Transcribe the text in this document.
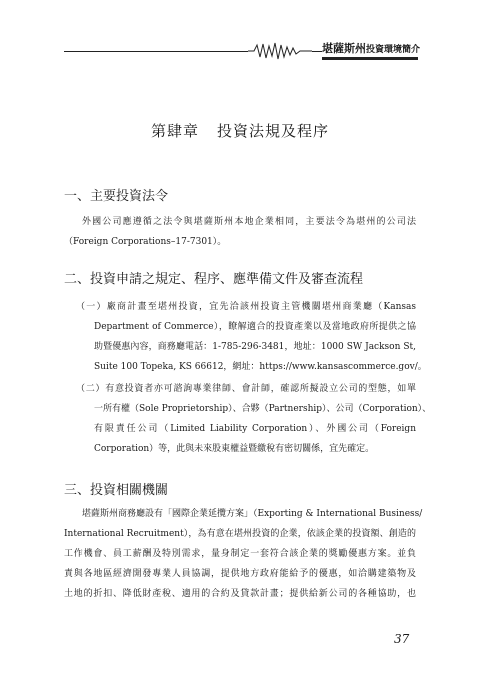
堪薩斯州投資環境簡介
第肆章 投資法規及程序
一、主要投資法令
外國公司應遵循之法令與堪薩斯州本地企業相同，主要法令為堪州的公司法
（Foreign Corporations–17-7301）。
二、投資申請之規定、程序、應準備文件及審查流程
（一）廠商計畫至堪州投資，宜先洽該州投資主管機關堪州商業廳（Kansas
Department of Commerce），瞭解適合的投資產業以及當地政府所提供之協
助暨優惠內容，商務廳電話：1-785-296-3481，地址：1000 SW Jackson St,
Suite 100 Topeka, KS 66612，網址：https://www.kansascommerce.gov/。
（二）有意投資者亦可諮詢專業律師、會計師，確認所擬設立公司的型態，如單
一所有權（Sole Proprietorship）、合夥（Partnership）、公司（Corporation）、
有限責任公司（Limited Liability Corporation）、外國公司（Foreign
Corporation）等，此與未來股東權益暨繳稅有密切關係，宜先確定。
三、投資相關機關
堪薩斯州商務廳設有「國際企業延攬方案」（Exporting & International Business/
International Recruitment），為有意在堪州投資的企業，依該企業的投資額、創造的
工作機會、員工薪酬及特別需求，量身制定一套符合該企業的獎勵優惠方案。並負
責與各地區經濟開發專業人員協調，提供地方政府能給予的優惠，如洽購建築物及
土地的折扣、降低財產稅、適用的合約及貸款計畫；提供給新公司的各種協助，也
37
